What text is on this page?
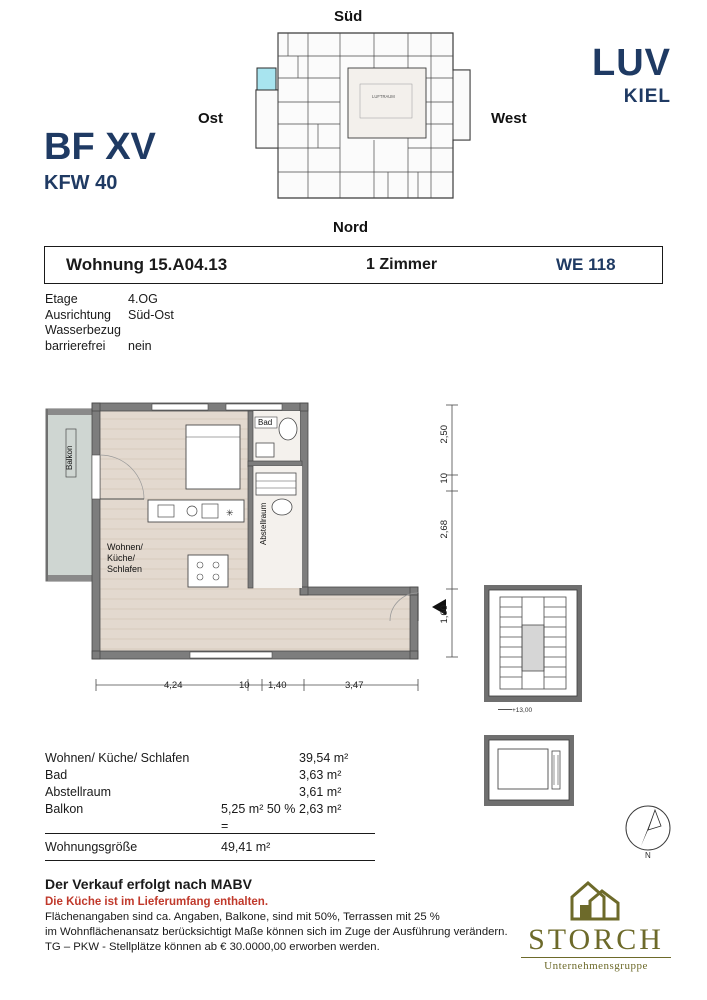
Süd
Nord
Ost	West
LUFTRAUM
LUV
KIEL
BF XV
KFW 40
Wohnung 15.A04.13	1 Zimmer	WE 118
Etage	4.OG
Ausrichtung	Süd-Ost
Wasserbezug
barrierefrei	nein
Bad
Abstellraum
✳
Wohnen/
Küche/
Schlafen
Balkon
4,24	10 1,40	3,47
2,50
10
2,68
1,60
+13,00
N
Wohnen/ Küche/ Schlafen	39,54 m²
Bad	3,63 m²
Abstellraum	3,61 m²
Balkon	5,25 m² 50 % =
2,63 m²
Wohnungsgröße	49,41 m²
Der Verkauf erfolgt nach MABV
Die Küche ist im Lieferumfang enthalten.
Flächenangaben sind ca. Angaben, Balkone, sind mit 50%, Terrassen mit 25 %
im Wohnflächenansatz berücksichtigt Maße können sich im Zuge der Ausführung verändern.
TG – PKW - Stellplätze können ab € 30.0000,00 erworben werden.	STORCH
Unternehmensgruppe
